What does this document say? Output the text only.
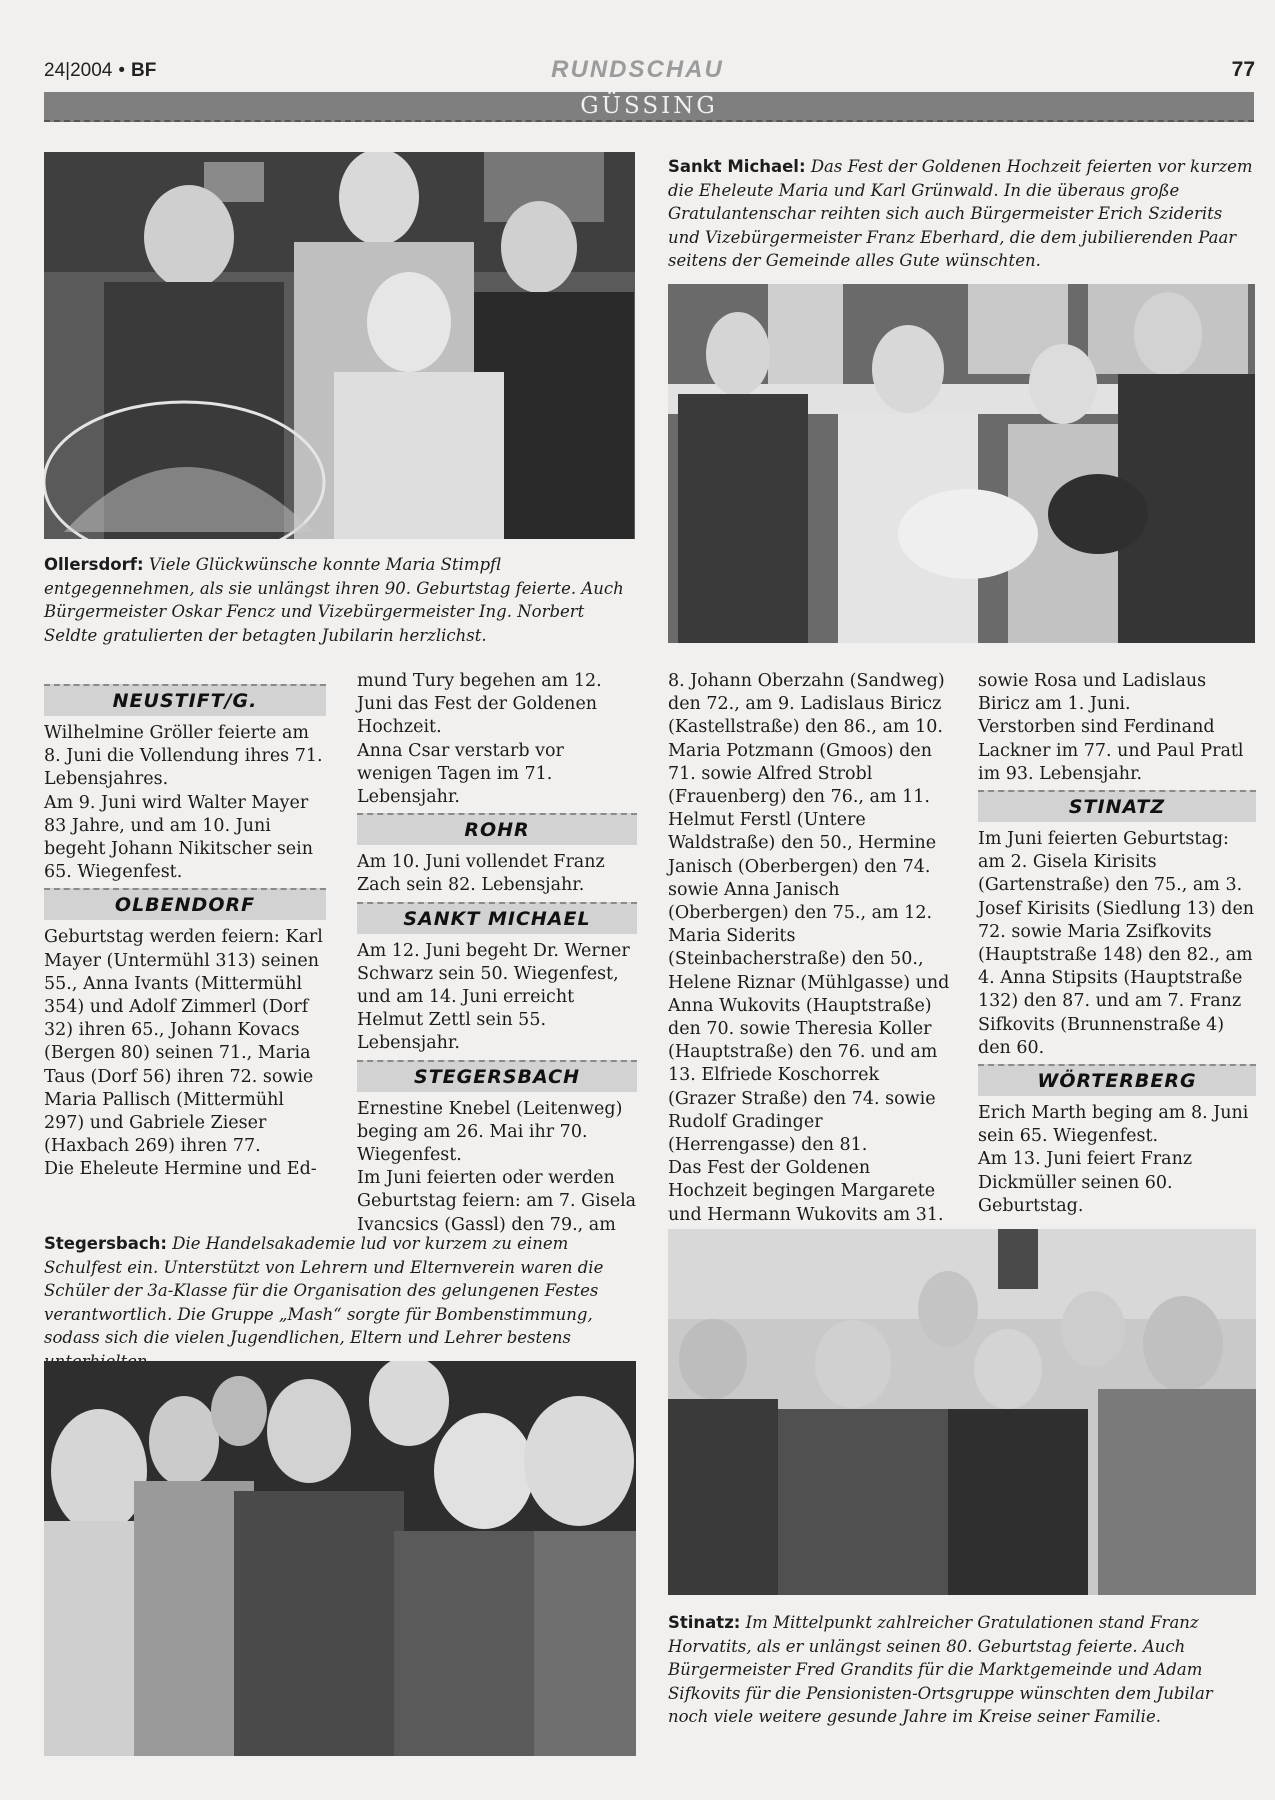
24|2004 • BF	RUNDSCHAU	77
GÜSSING
Sankt Michael: Das Fest der Goldenen Hochzeit feierten vor kurzem die Eheleute Maria und Karl Grünwald. In die überaus große Gratulantenschar reihten sich auch Bürgermeister Erich Sziderits und Vizebürgermeister Franz Eberhard, die dem jubilierenden Paar seitens der Gemeinde alles Gute wünschten.
Ollersdorf: Viele Glückwünsche konnte Maria Stimpfl entgegennehmen, als sie unlängst ihren 90. Geburtstag feierte. Auch Bürgermeister Oskar Fencz und Vizebürgermeister Ing. Norbert Seldte gratulierten der betagten Jubilarin herzlichst.
NEUSTIFT/G.

Wilhelmine Gröller feierte am 8. Juni die Vollendung ihres 71. Lebensjahres.

Am 9. Juni wird Walter Mayer 83 Jahre, und am 10. Juni begeht Johann Nikitscher sein 65. Wiegenfest.

OLBENDORF

Geburtstag werden feiern: Karl Mayer (Untermühl 313) seinen 55., Anna Ivants (Mittermühl 354) und Adolf Zimmerl (Dorf 32) ihren 65., Johann Kovacs (Bergen 80) seinen 71., Maria Taus (Dorf 56) ihren 72. sowie Maria Pallisch (Mittermühl 297) und Gabriele Zieser (Haxbach 269) ihren 77.

Die Eheleute Hermine und Ed-

mund Tury begehen am 12. Juni das Fest der Goldenen Hochzeit.

Anna Csar verstarb vor wenigen Tagen im 71. Lebensjahr.

ROHR

Am 10. Juni vollendet Franz Zach sein 82. Lebensjahr.

SANKT MICHAEL

Am 12. Juni begeht Dr. Werner Schwarz sein 50. Wiegenfest, und am 14. Juni erreicht Helmut Zettl sein 55. Lebensjahr.

STEGERSBACH

Ernestine Knebel (Leitenweg) beging am 26. Mai ihr 70. Wiegenfest.

Im Juni feierten oder werden Geburtstag feiern: am 7. Gisela Ivancsics (Gassl) den 79., am

8. Johann Oberzahn (Sandweg) den 72., am 9. Ladislaus Biricz (Kastellstraße) den 86., am 10. Maria Potzmann (Gmoos) den 71. sowie Alfred Strobl (Frauenberg) den 76., am 11. Helmut Ferstl (Untere Waldstraße) den 50., Hermine Janisch (Oberbergen) den 74. sowie Anna Janisch (Oberbergen) den 75., am 12. Maria Siderits (Steinbacherstraße) den 50., Helene Riznar (Mühlgasse) und Anna Wukovits (Hauptstraße) den 70. sowie Theresia Koller (Hauptstraße) den 76. und am 13. Elfriede Koschorrek (Grazer Straße) den 74. sowie Rudolf Gradinger (Herrengasse) den 81.

Das Fest der Goldenen Hochzeit begingen Margarete und Hermann Wukovits am 31.

sowie Rosa und Ladislaus Biricz am 1. Juni.

Verstorben sind Ferdinand Lackner im 77. und Paul Pratl im 93. Lebensjahr.

STINATZ

Im Juni feierten Geburtstag: am 2. Gisela Kirisits (Gartenstraße) den 75., am 3. Josef Kirisits (Siedlung 13) den 72. sowie Maria Zsifkovits (Hauptstraße 148) den 82., am 4. Anna Stipsits (Hauptstraße 132) den 87. und am 7. Franz Sifkovits (Brunnenstraße 4) den 60.

WÖRTERBERG

Erich Marth beging am 8. Juni sein 65. Wiegenfest.

Am 13. Juni feiert Franz Dickmüller seinen 60. Geburtstag.

Stegersbach: Die Handelsakademie lud vor kurzem zu einem Schulfest ein. Unterstützt von Lehrern und Elternverein waren die Schüler der 3a-Klasse für die Organisation des gelungenen Festes verantwortlich. Die Gruppe „Mash“ sorgte für Bombenstimmung, sodass sich die vielen Jugendlichen, Eltern und Lehrer bestens
Stinatz: Im Mittelpunkt zahlreicher Gratulationen stand Franz Horvatits, als er unlängst seinen 80. Geburtstag feierte. Auch Bürgermeister Fred Grandits für die Marktgemeinde und Adam Sifkovits für die Pensionisten-Ortsgruppe wünschten dem Jubilar noch viele weitere gesunde Jahre im Kreise seiner Familie.
